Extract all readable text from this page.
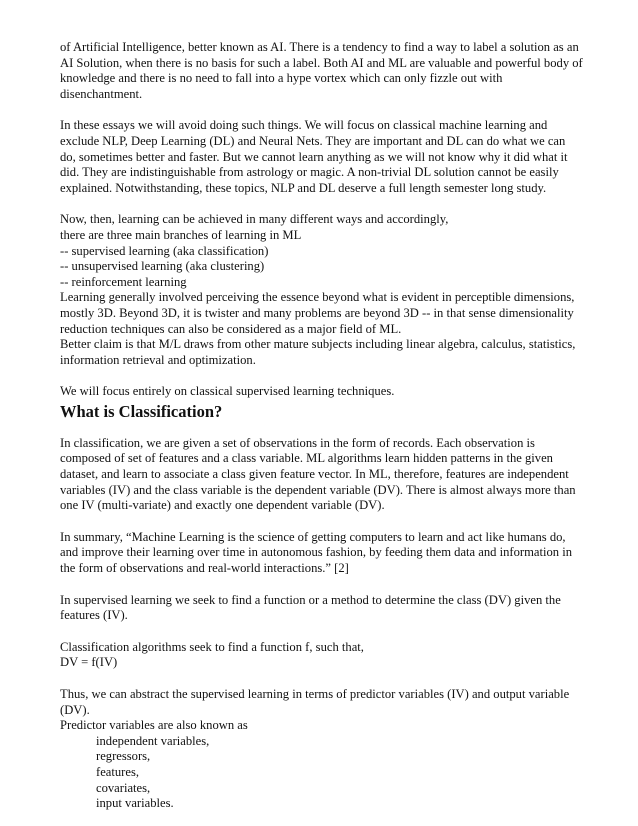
of Artificial Intelligence, better known as AI. There is a tendency to find a way to label a solution as an
AI Solution, when there is no basis for such a label. Both AI and ML are valuable and powerful body of
knowledge and there is no need to fall into a hype vortex which can only fizzle out with
disenchantment.

In these essays we will avoid doing such things. We will focus on classical machine learning and
exclude NLP, Deep Learning (DL) and Neural Nets. They are important and DL can do what we can
do, sometimes better and faster. But we cannot learn anything as we will not know why it did what it
did. They are indistinguishable from astrology or magic. A non-trivial DL solution cannot be easily
explained. Notwithstanding, these topics, NLP and DL deserve a full length semester long study.

Now, then, learning can be achieved in many different ways and accordingly,
there are three main branches of learning in ML
-- supervised learning (aka classification)
-- unsupervised learning (aka clustering)
-- reinforcement learning
Learning generally involved perceiving the essence beyond what is evident in perceptible dimensions,
mostly 3D. Beyond 3D, it is twister and many problems are beyond 3D -- in that sense dimensionality
reduction techniques can also be considered as a major field of ML.
Better claim is that M/L draws from other mature subjects including linear algebra, calculus, statistics,
information retrieval and optimization.

We will focus entirely on classical supervised learning techniques.

What is Classification?

In classification, we are given a set of observations in the form of records. Each observation is
composed of set of features and a class variable. ML algorithms learn hidden patterns in the given
dataset, and learn to associate a class given feature vector. In ML, therefore, features are independent
variables (IV) and the class variable is the dependent variable (DV). There is almost always more than
one IV (multi-variate) and exactly one dependent variable (DV).

In summary, “Machine Learning is the science of getting computers to learn and act like humans do,
and improve their learning over time in autonomous fashion, by feeding them data and information in
the form of observations and real-world interactions.” [2]

In supervised learning we seek to find a function or a method to determine the class (DV) given the
features (IV).

Classification algorithms seek to find a function f, such that,
DV = f(IV)

Thus, we can abstract the supervised learning in terms of predictor variables (IV) and output variable
(DV).
Predictor variables are also known as

independent variables,
regressors,
features,
covariates,
input variables.
